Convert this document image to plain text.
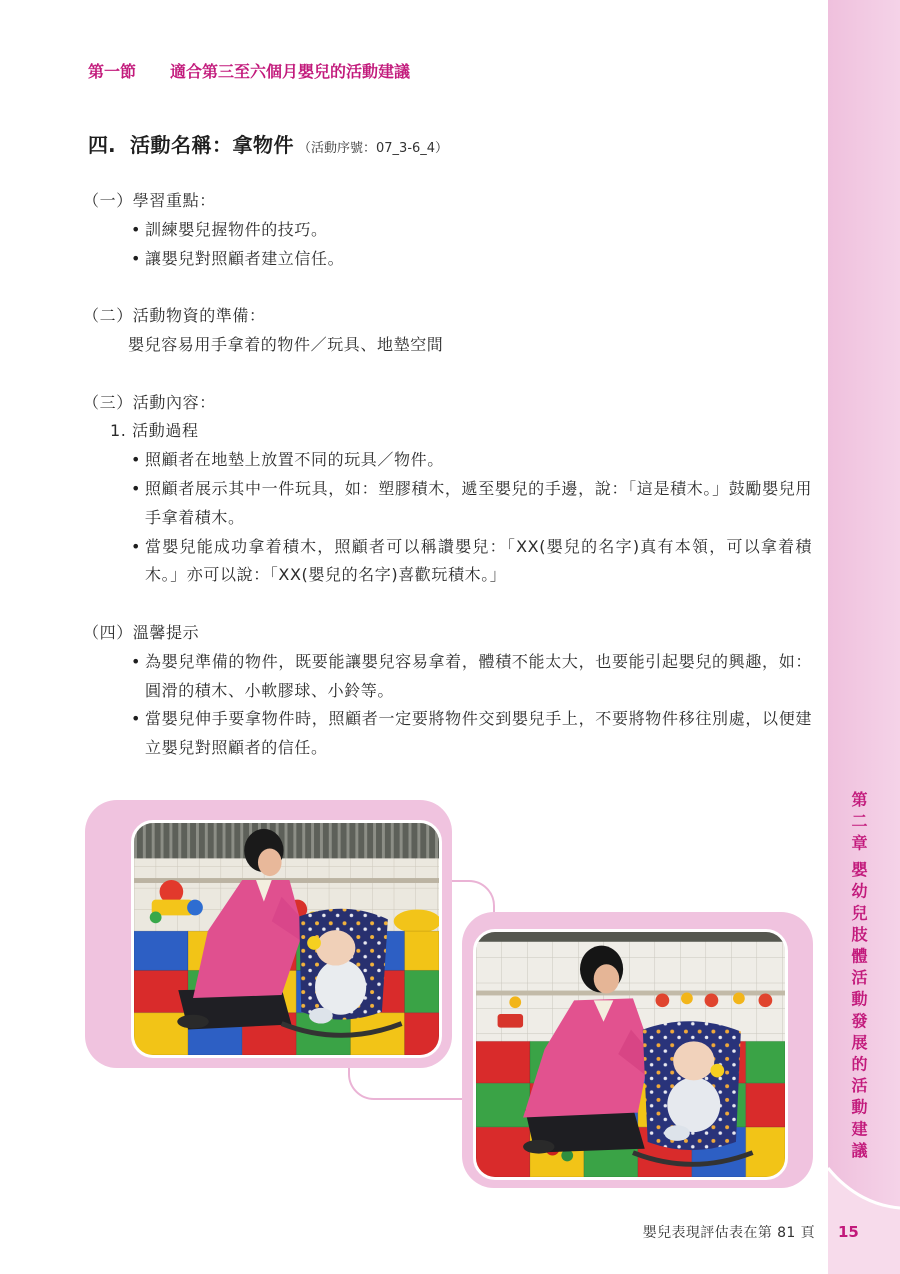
第一節 適合第三至六個月嬰兒的活動建議
四. 活動名稱：拿物件 （活動序號：07_3-6_4）
（一）學習重點：
• 訓練嬰兒握物件的技巧。
• 讓嬰兒對照顧者建立信任。
（二）活動物資的準備：
嬰兒容易用手拿着的物件／玩具、地墊空間
（三）活動內容：
1. 活動過程
• 照顧者在地墊上放置不同的玩具／物件。
• 照顧者展示其中一件玩具，如：塑膠積木，遞至嬰兒的手邊，說：「這是積木。」鼓勵嬰兒用手拿着積木。
• 當嬰兒能成功拿着積木，照顧者可以稱讚嬰兒：「XX(嬰兒的名字)真有本領，可以拿着積木。」亦可以說：「XX(嬰兒的名字)喜歡玩積木。」
（四）溫馨提示
• 為嬰兒準備的物件，既要能讓嬰兒容易拿着，體積不能太大，也要能引起嬰兒的興趣，如：圓滑的積木、小軟膠球、小鈴等。
• 當嬰兒伸手要拿物件時，照顧者一定要將物件交到嬰兒手上，不要將物件移往別處，以便建立嬰兒對照顧者的信任。
第二章
嬰幼兒肢體活動發展的活動建議
嬰兒表現評估表在第 81 頁 15
